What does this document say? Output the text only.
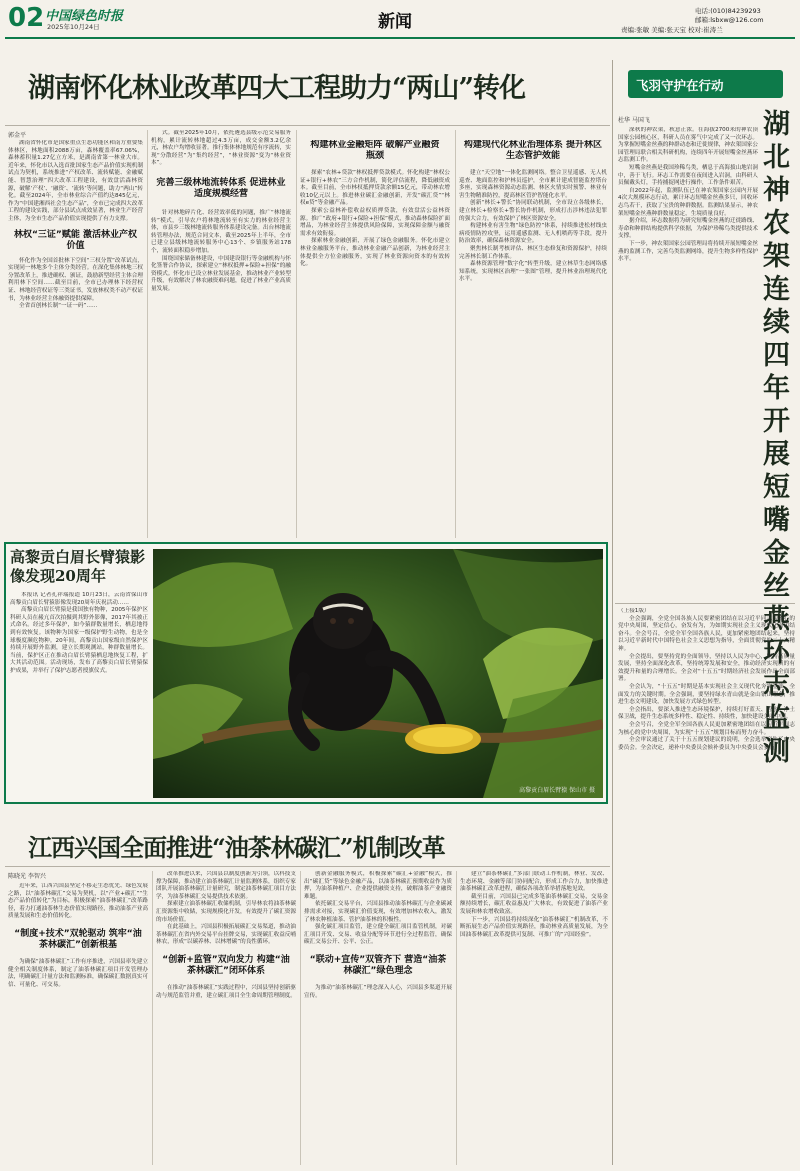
02 中国绿色时报
2025年10月24日	新闻
电话:(010)84239293
邮箱:lsbxw@126.com
责编:张敏 美编:张天宝 校对:崔涛兰
湖南怀化林业改革四大工程助力“两山”转化	飞羽守护在行动
郭金平

湖南省怀化市是国家重点生态功能区和南方重要集体林区，林地面积2088万亩，森林覆盖率67.06%，森林蓄积量1.27亿立方米，是湖南省第一林业大市。近年来，怀化市以入选首批国家生态产品价值实现机制试点为契机，系统推进“产权改革、流转赋能、金融赋能、智慧治理”四大改革工程建设，有效盘活森林资源，破解‘产权’、‘融资’、‘流转’等问题，助力“两山”转化。截至2024年，全市林业综合产值约达845亿元，作为“中国建湘西社会生态产品”，全市已完成四大改革工程的建设实践，部分县试点成效显著，林业生产经营主体，为全市生态产品价值实现提供了有力支撑。

林权“三证”赋能 激活林业产权价值

怀化作为全国首批林下空间“三权分置”改革试点，实现同一林地多个主体分类经营。在深化集体林地三权分置改革上，推进确权、颁证，鼓励新型经营主体合理利用林下空间……截至目前，全市已办理林下经营权证、林地经营权证等三类证书，发放林权类不动产权证书，为林业经营主体融资提供保障。

全省首创林长制“一证一码”……

式。截至2025年10月，依托遴选县级示范交易服务机构，累计流转林地超过4.3万亩，成交金额3.2亿余元，林农户均增收显著。推行集体林地规范有序流转，实现“分散经营”为“集约经营”，“林业资源”变为“林业资本”。

完善三级林地流转体系 促进林业适度规模经营

针对林地碎片化、经营效率低的问题，推广“林地流转”模式，引导农户将林地流转至有实力的林业经营主体，市县乡三级林地流转服务体系建设完备。出台林地流转管理办法，规范合同文本，截至2025年上半年，全市已建立县级林地流转服务中心13个、乡镇服务站178个，流转面积稳步增加。

围绕国家储备林建设，中国建设银行等金融机构与怀化签署合作协议，探索建立“林权抵押+保险+担保”的融资模式。怀化市已设立林业发展基金，推动林业产业转型升级，有效解决了林农融资难问题，促进了林业产业高质量发展。

构建林业金融矩阵 破解产业融资瓶颈

探索“农林+贷款”林权抵押贷款模式。怀化构建“林权公证+银行+林农”三方合作机制，简化评估流程，降低融资成本。截至目前，全市林权抵押贷款余额15亿元，带动林农增收10亿元以上。推进林业碳汇金融创新，开发“碳汇贷”“林权e贷”等金融产品。

探索公益林补偿收益权质押贷款，有效盘活公益林资源。推广“政府+银行+保险+担保”模式，推动森林保险扩面增品，为林业经营主体提供风险保障，实现保障金额与融资需求有效衔接。

探索林业金融创新，开展了绿色金融服务。怀化市建立林业金融服务平台，推动林业金融产品创新，为林业经营主体提供全方位金融服务，实现了林业资源向资本的有效转化。

构建现代化林业治理体系 提升林区生态管护效能

建立“天空地”一体化监测网络。整合卫星遥感、无人机巡查、地面监控和护林员巡护，全市累计建成智能监控塔台多座，实现森林资源动态监测、林区火情实时预警、林业有害生物精准防控，提高林区管护智能化水平。

创新“林长+警长”协同联动机制，全市设立各级林长，建立林长+检察长+警长协作机制，形成打击涉林违法犯罪的强大合力，有效保护了林区资源安全。

构建林业有害生物“绿色防控”体系，持续推进松材线虫病疫情防控攻坚，运用遥感监测、无人机喷药等手段，提升防治效率，确保森林资源安全。

聚焦林长制考核评估、林区生态修复和资源保护，持续完善林长制工作体系。

森林资源管理“数字化”转型升级，建立林草生态网络感知系统，实现林区治理“一张图”管理，提升林业治理现代化水平。

杜华 马国飞

深秋的神农架，秋意正浓。在海拔2700米的神农顶国家公园核心区，科研人员在雾气中完成了又一次环志。为掌握短嘴金丝燕的种群动态和迁徙规律，神农架国家公园管理局联合相关科研机构，连续四年开展短嘴金丝燕环志监测工作。

短嘴金丝燕是我国珍稀鸟类，栖息于高海拔山地岩洞中，善于飞行。环志工作需要在夜间进入岩洞，由科研人员佩戴头灯，手持捕捉网进行操作，工作条件艰苦。

自2022年起，监测队伍已在神农架国家公园内开展4次大规模环志行动，累计环志短嘴金丝燕多只，回收环志鸟若干，获取了宝贵的种群数据。监测结果显示，神农架短嘴金丝燕种群数量稳定，生境质量良好。

据介绍，环志数据将为研究短嘴金丝燕的迁徙路线、寿命和种群结构提供科学依据，为保护珍稀鸟类提供技术支撑。

下一步，神农架国家公园管理局将持续开展短嘴金丝燕的监测工作，完善鸟类监测网络，提升生物多样性保护水平。

湖北神农架连续四年开展短嘴金丝燕环志监测

（上接1版）

全会强调，全党全国各族人民要紧密团结在以习近平同志为核心的党中央周围，坚定信心，奋发有为，为如期实现社会主义现代化而团结奋斗。全会号召，全党全军全国各族人民，更加紧密地团结起来，坚持以习近平新时代中国特色社会主义思想为指导，全面贯彻党的二十大精神。

全会提出，要坚持党的全面领导，坚持以人民为中心，坚持高质量发展，坚持全面深化改革，坚持统筹发展和安全，推动经济实现质的有效提升和量的合理增长。全会对“十五五”时期经济社会发展作出全面部署。

全会认为，“十五五”时期是基本实现社会主义现代化夯实基础、全面发力的关键时期。全会强调，要坚持绿水青山就是金山银山理念，推进生态文明建设，加快发展方式绿色转型。

全会指出，要深入推进生态环境保护，持续打好蓝天、碧水、净土保卫战，提升生态系统多样性、稳定性、持续性，加快建设美丽中国。

全会号召，全党全军全国各族人民更加紧密地团结在以习近平同志为核心的党中央周围，为实现“十五五”规划目标而努力奋斗。

全会审议通过了关于十五五规划建议的说明，全会选举产生了中央委员会。全会决定，递补中央委员会候补委员为中央委员会委员。

高黎贡白眉长臂猿影像发现20周年

本报讯 记者孔祥瑞报道 10月23日，云南省保山市高黎贡白眉长臂猿影像发现20周年庆祝活动……

高黎贡白眉长臂猿是我国独有物种，2005年保护区科研人员在赧亢首次拍摄到其野外影像，2017年其被正式命名。经过多年保护，如今猿群数量增长，栖息地得到有效恢复。该物种为国家一级保护野生动物，也是全球极度濒危物种。20年间，高黎贡山国家级自然保护区持续开展野外监测，建立长期观测站，种群数量增长。当前，保护区正在推动白眉长臂猿栖息地恢复工程，扩大其活动范围。活动现场，发布了高黎贡白眉长臂猿保护成果，并举行了保护志愿者授旗仪式。

高黎贡白眉长臂猿 保山市 摄
江西兴国全面推进“油茶林碳汇”机制改革
陈晓光 李智兴

近年来，江西兴国县坚定不移走生态优先、绿色发展之路，以“油茶林碳汇”交易为契机，以“产业+碳汇”“生态产品价值转化”为目标，积极探索“油茶林碳汇”改革路径，着力打通油茶林生态价值实现路径，推动油茶产业高质量发展和生态价值转化。

“制度+技术”双轮驱动 筑牢“油茶林碳汇”创新根基

为确保“油茶林碳汇”工作有序推进，兴国县率先建立健全相关制度体系，制定了油茶林碳汇项目开发管理办法，明确碳汇计量方法和监测标准，确保碳汇数据真实可信、可量化、可交易。

改革推进以来，兴国县以制度创新为引领，以科技支撑为保障，推动建立油茶林碳汇计量监测体系，组织专家团队开展油茶林碳汇计量研究，制定油茶林碳汇项目方法学，为油茶林碳汇交易提供技术依据。

探索建立油茶林碳汇收储机制，引导林农将油茶林碳汇资源集中收储，实现规模化开发，有效提升了碳汇资源的市场价值。

在此基础上，兴国县积极拓展碳汇交易渠道，推动油茶林碳汇在省内外交易平台挂牌交易，实现碳汇收益反哺林农，形成“以碳养林、以林增碳”的良性循环。

“创新+监管”双向发力 构建“油茶林碳汇”闭环体系

在推动“油茶林碳汇”实践过程中，兴国县坚持创新驱动与规范监管并重，建立碳汇项目全生命周期管理制度。

创新金融服务模式，积极探索“碳汇+金融”模式，推出“碳汇贷”等绿色金融产品，以油茶林碳汇预期收益作为质押，为油茶种植户、企业提供融资支持，破解油茶产业融资难题。

依托碳汇交易平台，兴国县推动油茶林碳汇与企业碳减排需求对接，实现碳汇价值变现，有效增加林农收入，激发了林农种植油茶、管护油茶林的积极性。

强化碳汇项目监管，建立健全碳汇项目监管机制，对碳汇项目开发、交易、收益分配等环节进行全过程监管，确保碳汇交易公开、公平、公正。

“联动+宣传”双管齐下 营造“油茶林碳汇”绿色理念

为推动“油茶林碳汇”理念深入人心，兴国县多渠道开展宣传。

建立“油茶林碳汇”多部门联动工作机制，林业、发改、生态环境、金融等部门协同配合，形成工作合力，加快推进油茶林碳汇改革进程，确保各项改革举措落地见效。

截至目前，兴国县已完成多笔油茶林碳汇交易，交易金额持续增长，碳汇收益惠及广大林农，有效促进了油茶产业发展和林农增收致富。

下一步，兴国县将持续深化“油茶林碳汇”机制改革，不断拓展生态产品价值实现路径，推动林业高质量发展，为全国油茶林碳汇改革提供可复制、可推广的“兴国经验”。
